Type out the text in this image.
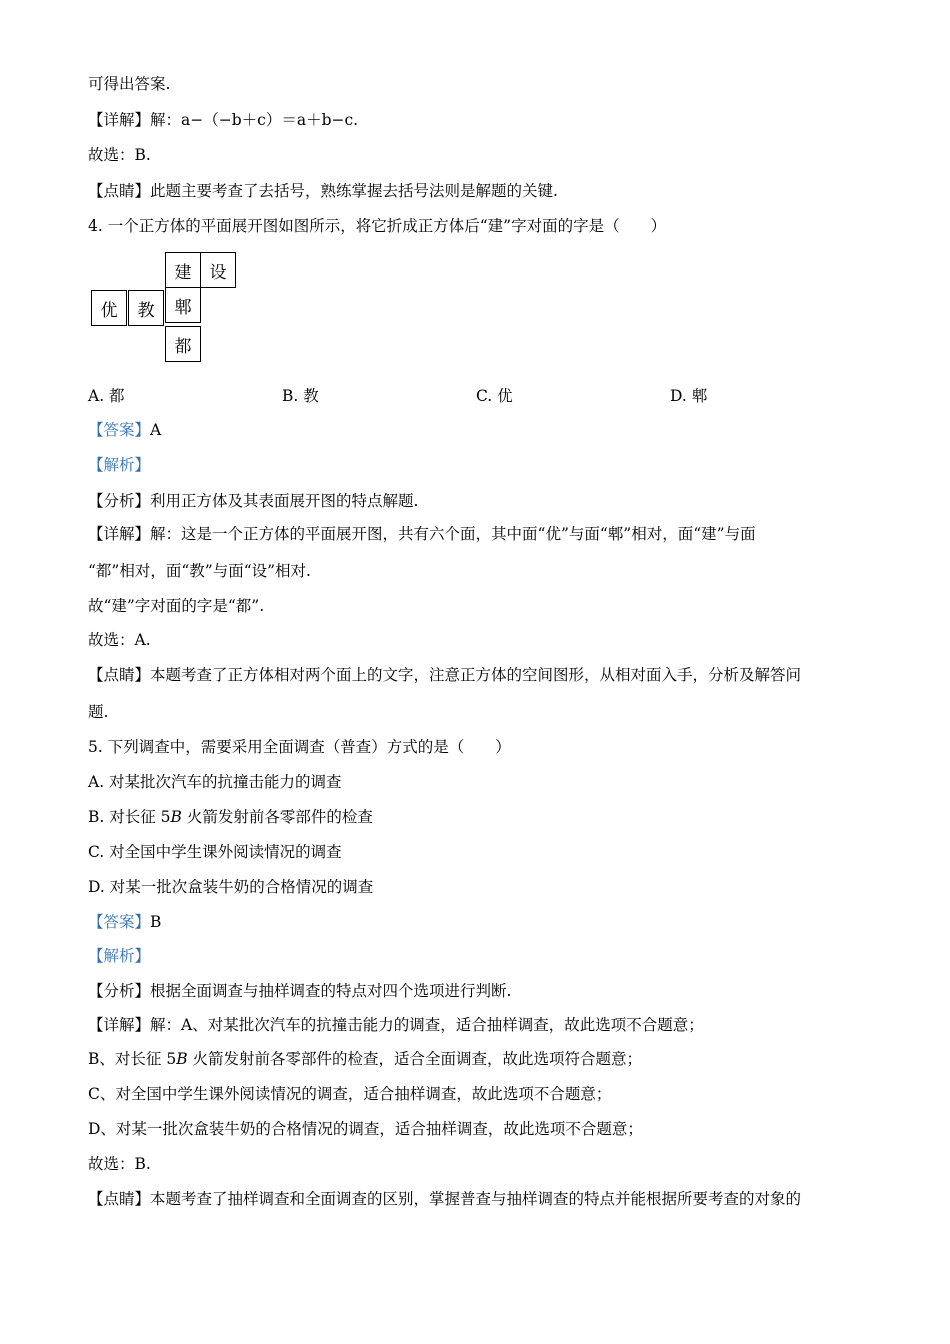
可得出答案.
【详解】解：a−（−b＋c）＝a＋b−c.
故选：B.
【点睛】此题主要考查了去括号，熟练掌握去括号法则是解题的关键.
4. 一个正方体的平面展开图如图所示，将它折成正方体后“建”字对面的字是（　　）
建	设
优	教	郫
都
A. 都	B. 教	C. 优	D. 郫
【答案】A
【解析】
【分析】利用正方体及其表面展开图的特点解题.
【详解】解：这是一个正方体的平面展开图，共有六个面，其中面“优”与面“郫”相对，面“建”与面
“都”相对，面“教”与面“设”相对.
故“建”字对面的字是“都”.
故选：A.
【点睛】本题考查了正方体相对两个面上的文字，注意正方体的空间图形，从相对面入手，分析及解答问
题.
5. 下列调查中，需要采用全面调查（普查）方式的是（　　）
A. 对某批次汽车的抗撞击能力的调查
B. 对长征 5B 火箭发射前各零部件的检查
C. 对全国中学生课外阅读情况的调查
D. 对某一批次盒装牛奶的合格情况的调查
【答案】B
【解析】
【分析】根据全面调查与抽样调查的特点对四个选项进行判断.
【详解】解：A、对某批次汽车的抗撞击能力的调查，适合抽样调查，故此选项不合题意；
B、对长征 5B 火箭发射前各零部件的检查，适合全面调查，故此选项符合题意；
C、对全国中学生课外阅读情况的调查，适合抽样调查，故此选项不合题意；
D、对某一批次盒装牛奶的合格情况的调查，适合抽样调查，故此选项不合题意；
故选：B.
【点睛】本题考查了抽样调查和全面调查的区别，掌握普查与抽样调查的特点并能根据所要考查的对象的
